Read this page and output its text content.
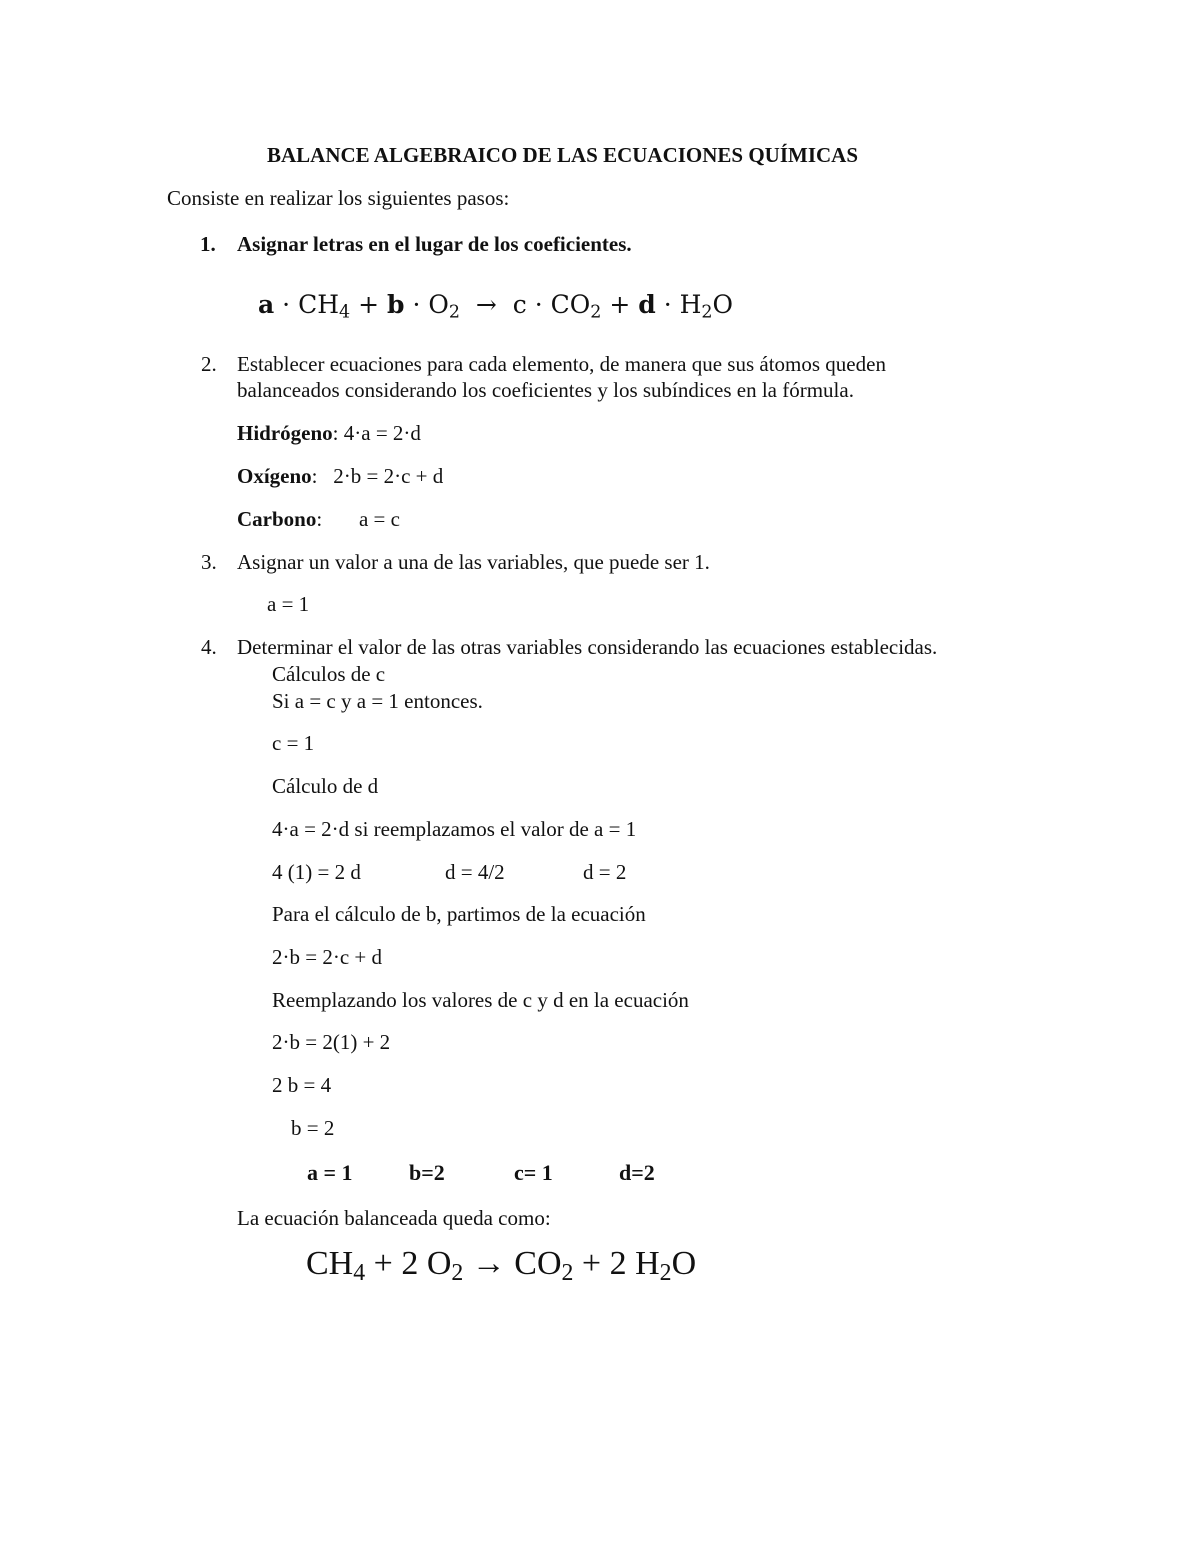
BALANCE ALGEBRAICO DE LAS ECUACIONES QUÍMICAS
Consiste en realizar los siguientes pasos:
1. Asignar letras en el lugar de los coeficientes.
$a \cdot CH_4 + b \cdot O_2 \to c \cdot CO_2 + d \cdot H_2O$
2. Establecer ecuaciones para cada elemento, de manera que sus átomos queden
balanceados considerando los coeficientes y los subíndices en la fórmula.
Hidrógeno: 4·a = 2·d
Oxígeno:   2·b = 2·c + d
Carbono:       a = c
3. Asignar un valor a una de las variables, que puede ser 1.
a = 1
4. Determinar el valor de las otras variables considerando las ecuaciones establecidas.
Cálculos de c
Si a = c y a = 1 entonces.
c = 1
Cálculo de d
4·a = 2·d si reemplazamos el valor de a = 1
4 (1) = 2 d	d = 4/2	d = 2
Para el cálculo de b, partimos de la ecuación
2·b = 2·c + d
Reemplazando los valores de c y d en la ecuación
2·b = 2(1) + 2
2 b = 4
b = 2
a = 1	b=2	c= 1	d=2
La ecuación balanceada queda como:
$CH_4 + 2$ $O_2 \to CO_2 + 2$ $H_2O$
